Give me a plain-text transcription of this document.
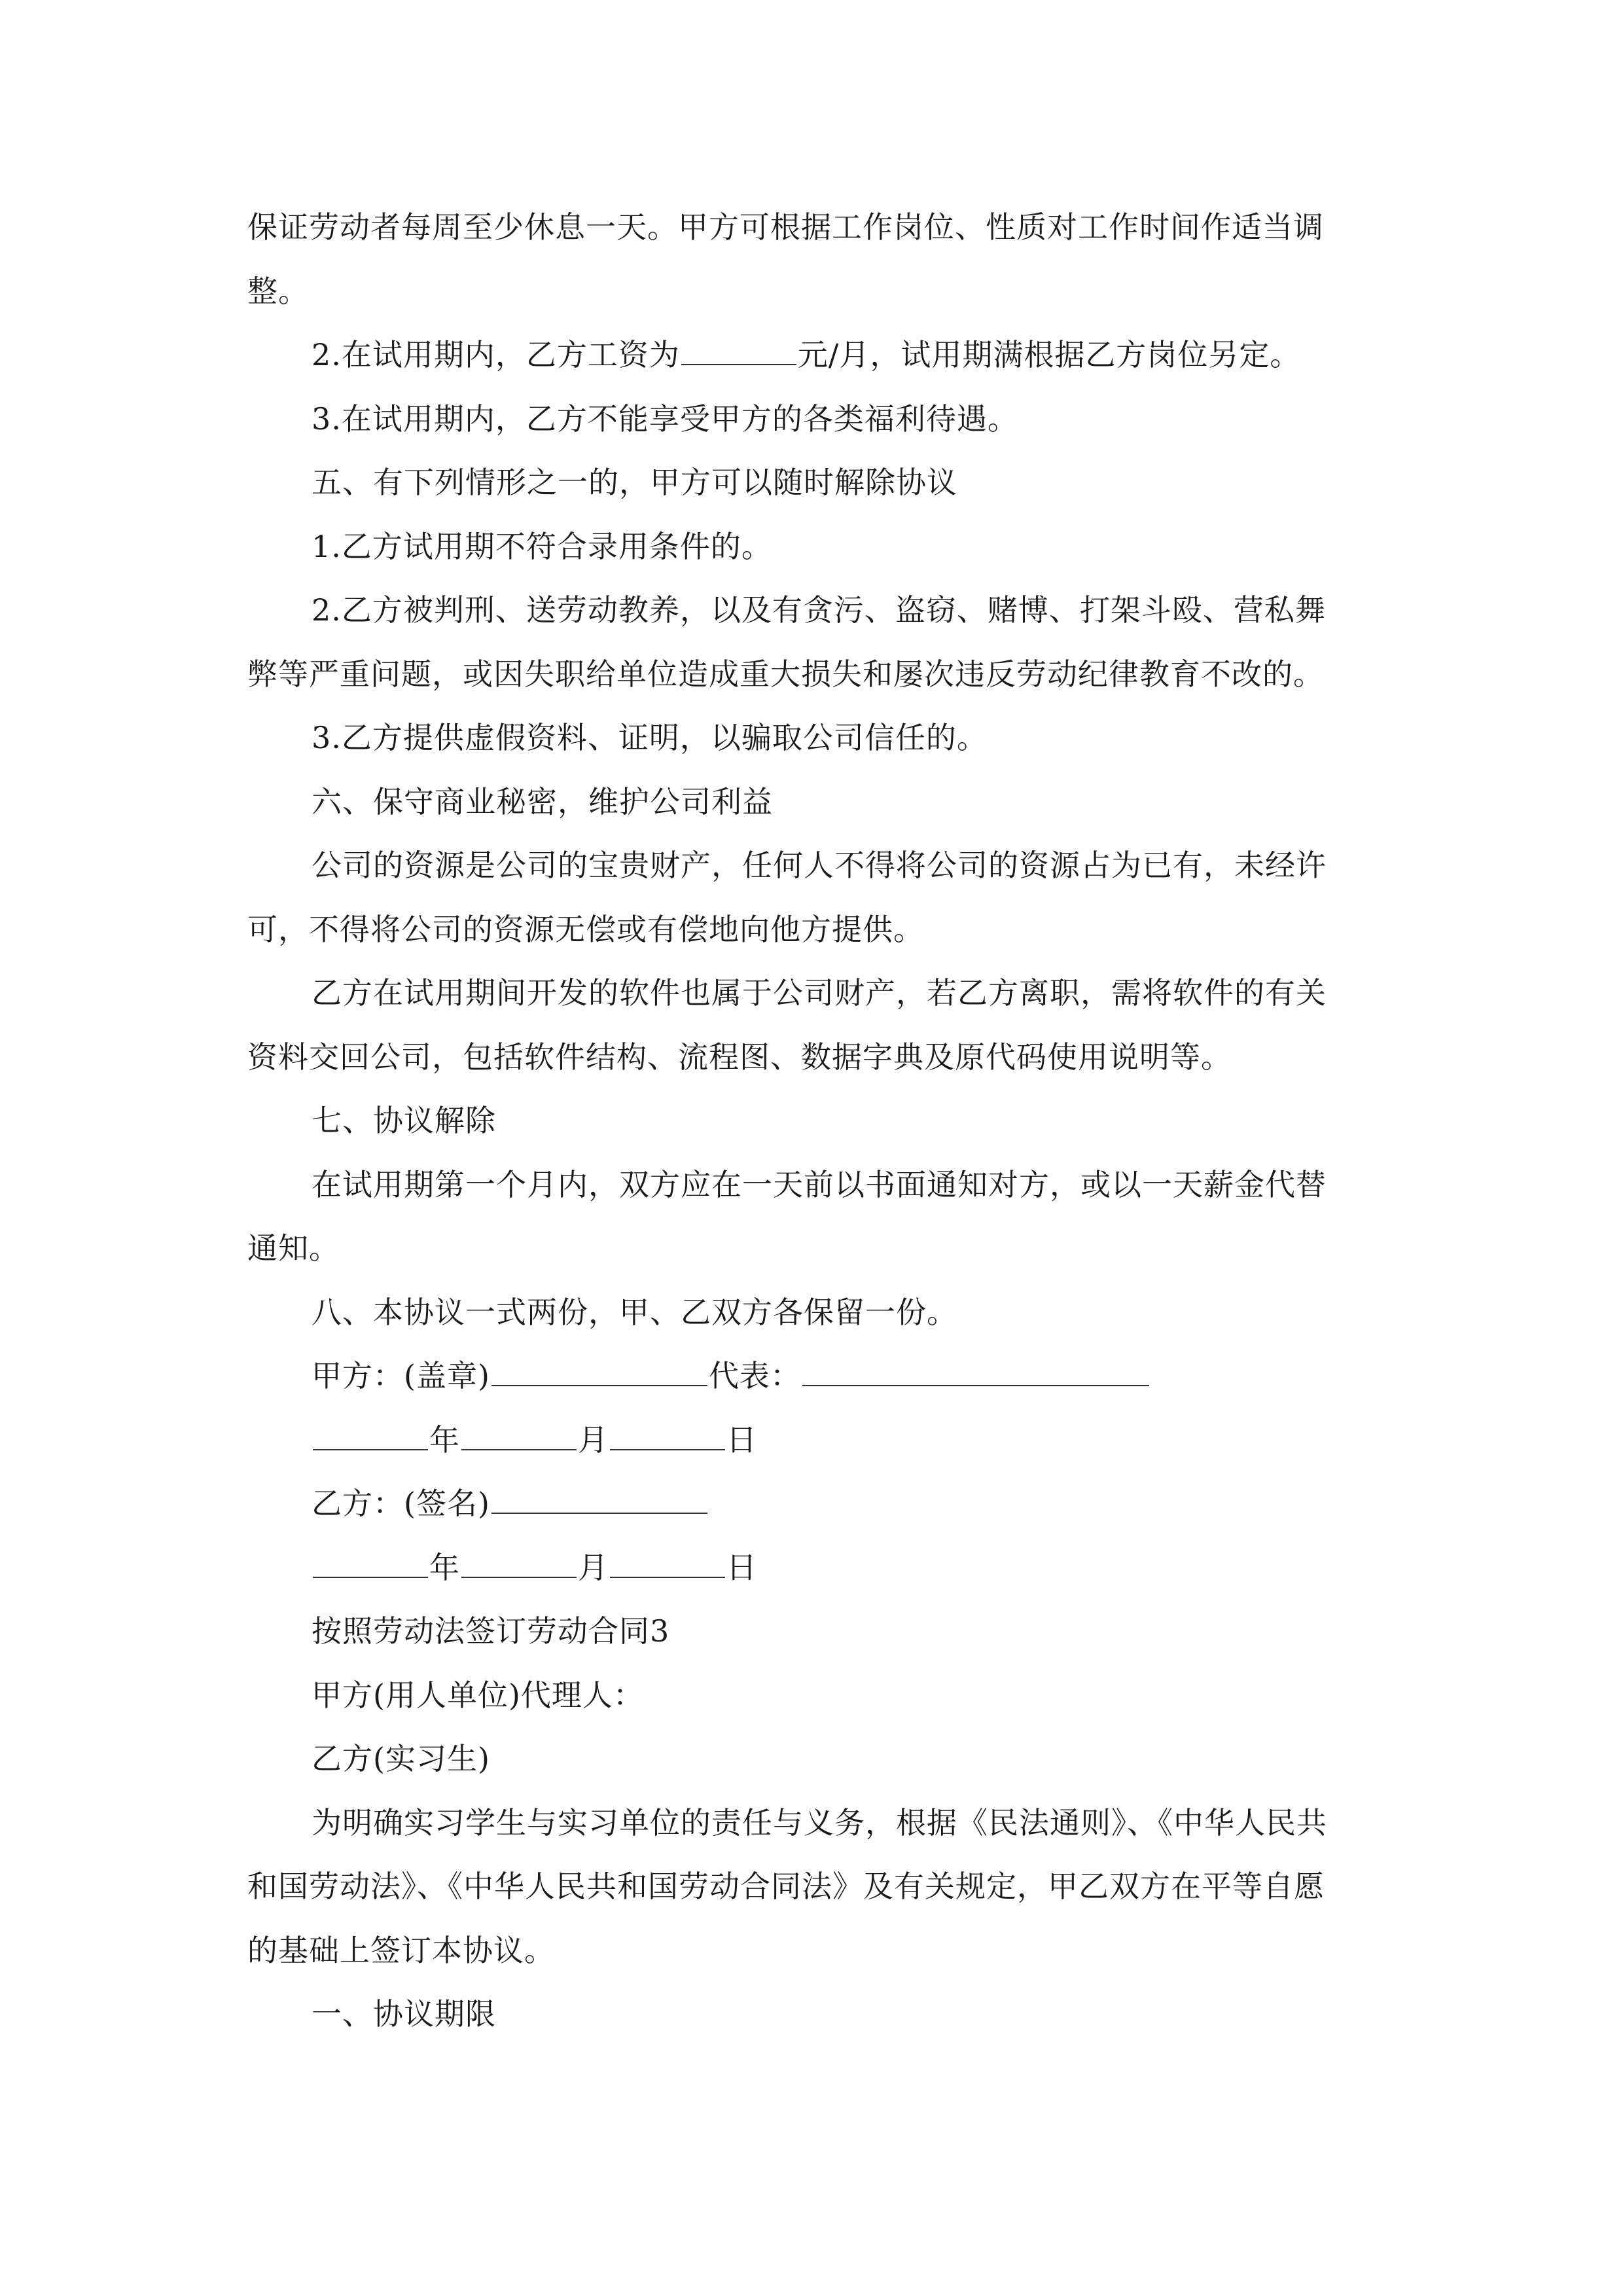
保证劳动者每周至少休息一天。甲方可根据工作岗位、性质对工作时间作适当调
整。
2.在试用期内，乙方工资为	元/月，试用期满根据乙方岗位另定。
3.在试用期内，乙方不能享受甲方的各类福利待遇。
五、有下列情形之一的，甲方可以随时解除协议
1.乙方试用期不符合录用条件的。
2.乙方被判刑、送劳动教养，以及有贪污、盗窃、赌博、打架斗殴、营私舞
弊等严重问题，或因失职给单位造成重大损失和屡次违反劳动纪律教育不改的。
3.乙方提供虚假资料、证明，以骗取公司信任的。
六、保守商业秘密，维护公司利益
公司的资源是公司的宝贵财产，任何人不得将公司的资源占为已有，未经许
可，不得将公司的资源无偿或有偿地向他方提供。
乙方在试用期间开发的软件也属于公司财产，若乙方离职，需将软件的有关
资料交回公司，包括软件结构、流程图、数据字典及原代码使用说明等。
七、协议解除
在试用期第一个月内，双方应在一天前以书面通知对方，或以一天薪金代替
通知。
八、本协议一式两份，甲、乙双方各保留一份。
甲方：(盖章)	代表：
年	月	日
乙方：(签名)
年	月	日
按照劳动法签订劳动合同3
甲方(用人单位)代理人：
乙方(实习生)
为明确实习学生与实习单位的责任与义务，根据《民法通则》、《中华人民共
和国劳动法》、《中华人民共和国劳动合同法》及有关规定，甲乙双方在平等自愿
的基础上签订本协议。
一、协议期限
